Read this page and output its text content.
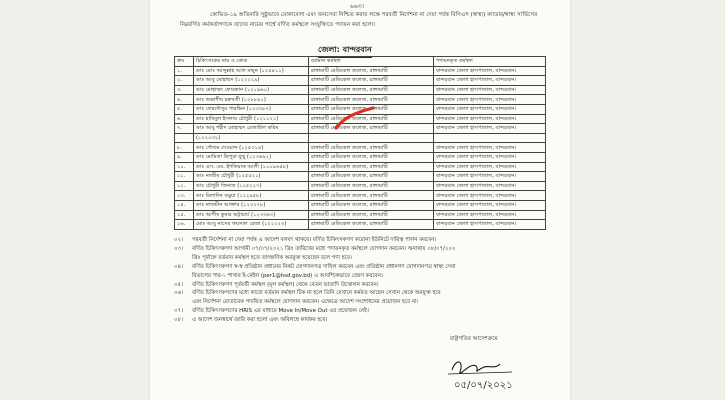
৬৬৩।
কোভিড-১৯ অতিমারি সুষ্ঠুভাবে মোকাবেলা এবং জনসেবা নিশ্চিত করার লক্ষে পরবর্তী নির্দেশনা না দেয়া পর্যন্ত বিসিএস (স্বাস্থ্য) ক্যাডার/স্বাস্থ্য সার্ভিসের নিম্নবর্ণিত কর্মকর্তাগণকে তাদের নামের পার্শ্বে বর্ণিত কর্মস্থলে সংযুক্তিতে পদায়ন করা হলো।
জেলা: বান্দরবান
ক্রম	চিকিৎসকের নাম ও কোড	বর্তমান কর্মস্থল	পদায়নকৃত কর্মস্থল
১.	ডাঃ মোঃ আব্দুল্লাহ আল মামুন (১২৫৪১১)	রাঙ্গামাটি মেডিকেল কলেজ, রাঙ্গামাটি	বান্দরবান জেলা হাসপাতাল, বান্দরবান।
২.	ডাঃ আবু মোহাম্মদ (১২২২২৯)	রাঙ্গামাটি মেডিকেল কলেজ, রাঙ্গামাটি	বান্দরবান জেলা হাসপাতাল, বান্দরবান।
৩.	ডাঃ মোহাম্মদ ফোরকান (১২১৯৬০)	রাঙ্গামাটি মেডিকেল কলেজ, রাঙ্গামাটি	বান্দরবান জেলা হাসপাতাল, বান্দরবান।
৪.	ডাঃ শুভাশীষ চক্রবর্তী (১২৮৮৯১)	রাঙ্গামাটি মেডিকেল কলেজ, রাঙ্গামাটি	বান্দরবান জেলা হাসপাতাল, বান্দরবান।
৫.	ডাঃ ফেরদৌসুর পারভিন (১২৩৩৮৭)	রাঙ্গামাটি মেডিকেল কলেজ, রাঙ্গামাটি	বান্দরবান জেলা হাসপাতাল, বান্দরবান।
৬.	ডাঃ হাবিবুল ইসলাম চৌধুরী (১২১১২১)	রাঙ্গামাটি মেডিকেল কলেজ, রাঙ্গামাটি	বান্দরবান জেলা হাসপাতাল, বান্দরবান।
৭.	ডাঃ আবু শহীদ মোহাম্মদ রেজাউল করিম	রাঙ্গামাটি মেডিকেল কলেজ, রাঙ্গামাটি	বান্দরবান জেলা হাসপাতাল, বান্দরবান।
	(১২২০৩২)		
৮.	ডাঃ গৌতম দেওয়ান (১২৫৩১৪)	রাঙ্গামাটি মেডিকেল কলেজ, রাঙ্গামাটি	বান্দরবান জেলা হাসপাতাল, বান্দরবান।
৯.	ডাঃ মোমিতা ত্রিপুরা মুন্মু (১২৩৬৯২)	রাঙ্গামাটি মেডিকেল কলেজ, রাঙ্গামাটি	বান্দরবান জেলা হাসপাতাল, বান্দরবান।
১০.	ডাঃ এস. এম. ইশতিয়াক আলী (১০০৯৬৫৮)	রাঙ্গামাটি মেডিকেল কলেজ, রাঙ্গামাটি	বান্দরবান জেলা হাসপাতাল, বান্দরবান।
১১.	ডাঃ নাজীম চৌধুরী (১২৫৫২১)	রাঙ্গামাটি মেডিকেল কলেজ, রাঙ্গামাটি	বান্দরবান জেলা হাসপাতাল, বান্দরবান।
১২.	ডাঃ চৌধুরী জিনাত (১২৫২২৭)	রাঙ্গামাটি মেডিকেল কলেজ, রাঙ্গামাটি	বান্দরবান জেলা হাসপাতাল, বান্দরবান।
১৩.	ডাঃ মিলাদিন বড়ুয়া (১২২৯৫৮)	রাঙ্গামাটি মেডিকেল কলেজ, রাঙ্গামাটি	বান্দরবান জেলা হাসপাতাল, বান্দরবান।
১৪.	ডাঃ নাজমীন আক্তার (১২৩২৭৮)	রাঙ্গামাটি মেডিকেল কলেজ, রাঙ্গামাটি	বান্দরবান জেলা হাসপাতাল, বান্দরবান।
১৫.	ডাঃ আশীষ কুমার ভট্টাচার্য (১২৩৩৬৩)	রাঙ্গামাটি মেডিকেল কলেজ, রাঙ্গামাটি	বান্দরবান জেলা হাসপাতাল, বান্দরবান।
১৬.	মোঃ আবু নাসের ফয়সাল রেজা (১২২২২৩)	রাঙ্গামাটি মেডিকেল কলেজ, রাঙ্গামাটি	বান্দরবান জেলা হাসপাতাল, বান্দরবান।
০২।	পরবর্তী নির্দেশনা না দেয়া পর্যন্ত এ আদেশ বলবৎ থাকবে। বর্ণিত চিকিৎসকগণ করোনা ইউনিটে দায়িত্ব পালন করবেন।
০৩।	বর্ণিত চিকিৎসকগণ আগামী ০৭/০৭/২০২১ খ্রিঃ তারিখের মধ্যে পদায়নকৃত কর্মস্থলে যোগদান করবেন। অন্যথায় ০৮/০৭/২০২
খ্রিঃ পূর্বাহ্নে বর্তমান কর্মস্থল হতে তাৎক্ষণিক অবমুক্ত হয়েছেন বলে গণ্য হবে।
০৪।	বর্ণিত চিকিৎসকগণ স্ব-স্ব প্রতিষ্ঠান প্রধানের নিকট যোগদানপত্র দাখিল করবেন এবং প্রতিষ্ঠান প্রধানগণ যোগদানপত্র স্বাস্থ্য সেবা
বিভাগের পার-১ শাখার ই-মেইল (per1@hsd.gov.bd) এ আবশ্যিকভাবে প্রেরণ করবেন।
০৫।	বর্ণিত চিকিৎসকগণ পূর্ববর্তী কর্মস্থল (মূল কর্মস্থল) থেকে বেতন ভাতাদি উত্তোলন করবেন।
০৬।	বর্ণিত চিকিৎসকগণের মধ্যে কারো বর্তমান কর্মস্থল টিক না হলে তিনি যেখানে কর্মরত আছেন সেখান থেকে অবমুক্ত হবে
এবং নির্দেশনা মোতাবেক পদায়িত কর্মস্থলে যোগদান করবেন। এক্ষেত্রে আদেশ সংশোধনের প্রয়োজন হবে না।
০৭।	বর্ণিত চিকিৎসকগণের HRIS এর মাধ্যমে Move In/Move Out এর প্রয়োজন নেই।
০৮।	এ আদেশ জনস্বার্থে জারি করা হলো এবং অবিলম্বে কার্যকর হবে।
রাষ্ট্রপতির আদেশক্রমে
০৫/০৭/২০২১
